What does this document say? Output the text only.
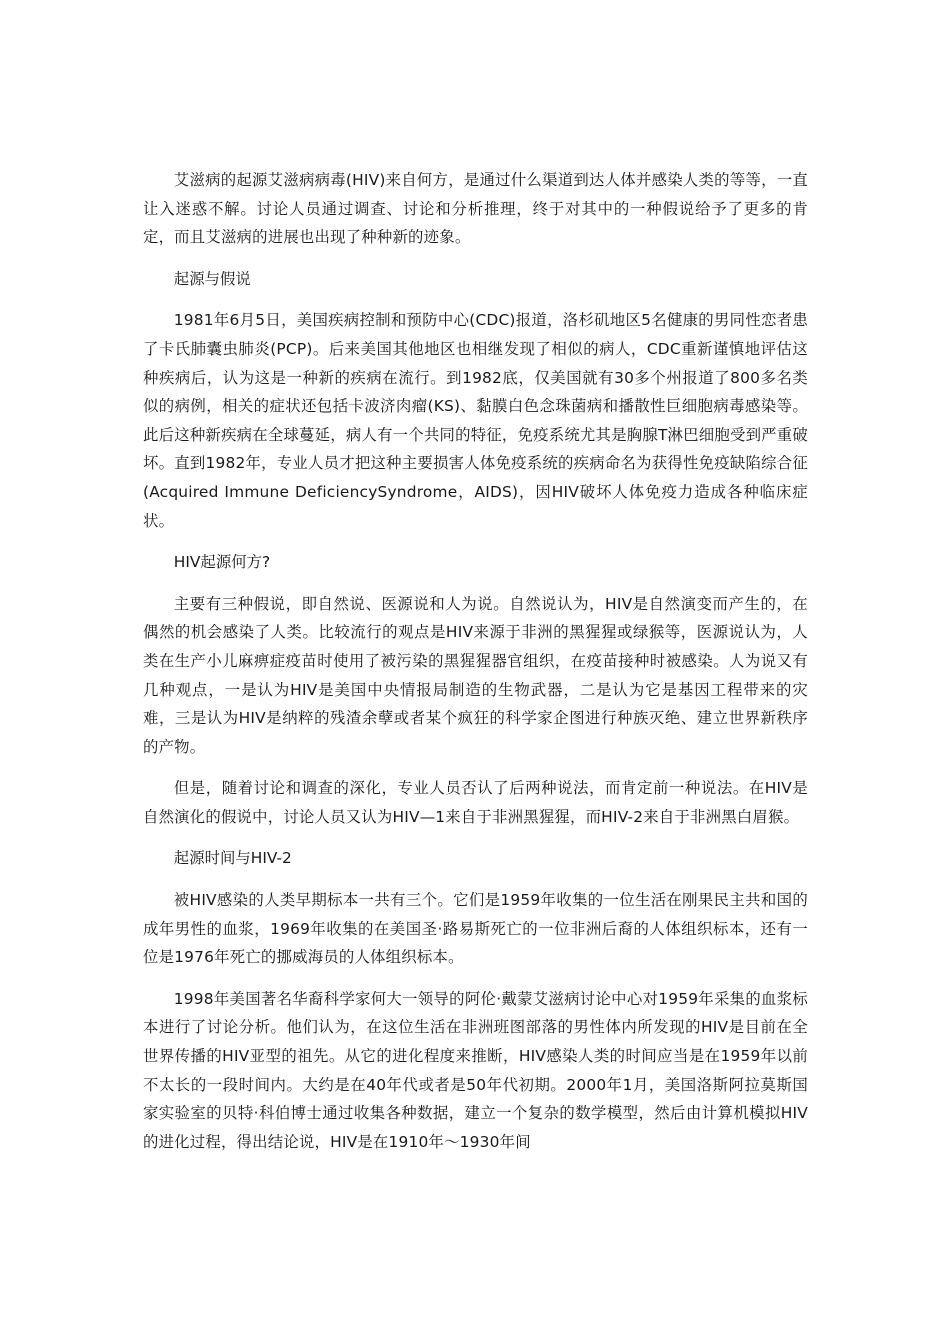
艾滋病的起源艾滋病病毒(HIV)来自何方，是通过什么渠道到达人体并感染人类的等等，一直让入迷惑不解。讨论人员通过调查、讨论和分析推理，终于对其中的一种假说给予了更多的肯定，而且艾滋病的进展也出现了种种新的迹象。

起源与假说

1981年6月5日，美国疾病控制和预防中心(CDC)报道，洛杉矶地区5名健康的男同性恋者患了卡氏肺囊虫肺炎(PCP)。后来美国其他地区也相继发现了相似的病人，CDC重新谨慎地评估这种疾病后，认为这是一种新的疾病在流行。到1982底，仅美国就有30多个州报道了800多名类似的病例，相关的症状还包括卡波济肉瘤(KS)、黏膜白色念珠菌病和播散性巨细胞病毒感染等。此后这种新疾病在全球蔓延，病人有一个共同的特征，免疫系统尤其是胸腺T淋巴细胞受到严重破坏。直到1982年，专业人员才把这种主要损害人体免疫系统的疾病命名为获得性免疫缺陷综合征(Acquired Immune DeficiencySyndrome，AIDS)，因HIV破坏人体免疫力造成各种临床症状。

HIV起源何方?

主要有三种假说，即自然说、医源说和人为说。自然说认为，HIV是自然演变而产生的，在偶然的机会感染了人类。比较流行的观点是HIV来源于非洲的黑猩猩或绿猴等，医源说认为，人类在生产小儿麻痹症疫苗时使用了被污染的黑猩猩器官组织，在疫苗接种时被感染。人为说又有几种观点，一是认为HIV是美国中央情报局制造的生物武器，二是认为它是基因工程带来的灾难，三是认为HIV是纳粹的残渣余孽或者某个疯狂的科学家企图进行种族灭绝、建立世界新秩序的产物。

但是，随着讨论和调查的深化，专业人员否认了后两种说法，而肯定前一种说法。在HIV是自然演化的假说中，讨论人员又认为HIV—1来自于非洲黑猩猩，而HIV-2来自于非洲黑白眉猴。

起源时间与HIV-2

被HIV感染的人类早期标本一共有三个。它们是1959年收集的一位生活在刚果民主共和国的成年男性的血浆，1969年收集的在美国圣·路易斯死亡的一位非洲后裔的人体组织标本，还有一位是1976年死亡的挪威海员的人体组织标本。

1998年美国著名华裔科学家何大一领导的阿伦·戴蒙艾滋病讨论中心对1959年采集的血浆标本进行了讨论分析。他们认为，在这位生活在非洲班图部落的男性体内所发现的HIV是目前在全世界传播的HIV亚型的祖先。从它的进化程度来推断，HIV感染人类的时间应当是在1959年以前不太长的一段时间内。大约是在40年代或者是50年代初期。2000年1月，美国洛斯阿拉莫斯国家实验室的贝特·科伯博士通过收集各种数据，建立一个复杂的数学模型，然后由计算机模拟HIV的进化过程，得出结论说，HIV是在1910年～1930年间
